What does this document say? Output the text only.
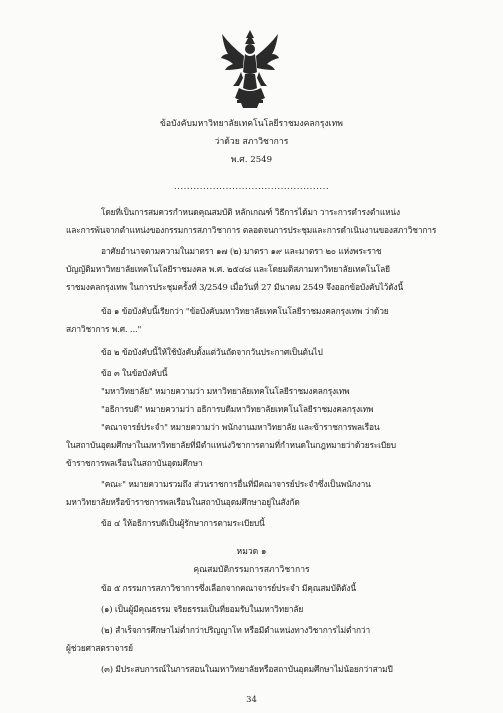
ข้อบังคับมหาวิทยาลัยเทคโนโลยีราชมงคลกรุงเทพ
ว่าด้วย สภาวิชาการ
พ.ศ. 2549
................................................
โดยที่เป็นการสมควรกำหนดคุณสมบัติ หลักเกณฑ์ วิธีการได้มา วาระการดำรงตำแหน่ง
และการพ้นจากตำแหน่งของกรรมการสภาวิชาการ ตลอดจนการประชุมและการดำเนินงานของสภาวิชาการ
อาศัยอำนาจตามความในมาตรา ๑๗ (๒) มาตรา ๑๙ และมาตรา ๒๐ แห่งพระราช
บัญญัติมหาวิทยาลัยเทคโนโลยีราชมงคล พ.ศ. ๒๕๔๘ และโดยมติสภามหาวิทยาลัยเทคโนโลยี
ราชมงคลกรุงเทพ ในการประชุมครั้งที่ 3/2549 เมื่อวันที่ 27 มีนาคม 2549 จึงออกข้อบังคับไว้ดังนี้
ข้อ ๑ ข้อบังคับนี้เรียกว่า "ข้อบังคับมหาวิทยาลัยเทคโนโลยีราชมงคลกรุงเทพ ว่าด้วย
สภาวิชาการ พ.ศ. ..."
ข้อ ๒ ข้อบังคับนี้ให้ใช้บังคับตั้งแต่วันถัดจากวันประกาศเป็นต้นไป
ข้อ ๓ ในข้อบังคับนี้
"มหาวิทยาลัย" หมายความว่า มหาวิทยาลัยเทคโนโลยีราชมงคลกรุงเทพ
"อธิการบดี" หมายความว่า อธิการบดีมหาวิทยาลัยเทคโนโลยีราชมงคลกรุงเทพ
"คณาจารย์ประจำ" หมายความว่า พนักงานมหาวิทยาลัย และข้าราชการพลเรือน
ในสถาบันอุดมศึกษาในมหาวิทยาลัยที่มีตำแหน่งวิชาการตามที่กำหนดในกฎหมายว่าด้วยระเบียบ
ข้าราชการพลเรือนในสถาบันอุดมศึกษา
"คณะ" หมายความรวมถึง ส่วนราชการอื่นที่มีคณาจารย์ประจำซึ่งเป็นพนักงาน
มหาวิทยาลัยหรือข้าราชการพลเรือนในสถาบันอุดมศึกษาอยู่ในสังกัด
ข้อ ๔ ให้อธิการบดีเป็นผู้รักษาการตามระเบียบนี้
หมวด ๑
คุณสมบัติกรรมการสภาวิชาการ
ข้อ ๕ กรรมการสภาวิชาการซึ่งเลือกจากคณาจารย์ประจำ มีคุณสมบัติดังนี้
(๑) เป็นผู้มีคุณธรรม จริยธรรมเป็นที่ยอมรับในมหาวิทยาลัย
(๒) สำเร็จการศึกษาไม่ต่ำกว่าปริญญาโท หรือมีตำแหน่งทางวิชาการไม่ต่ำกว่า
ผู้ช่วยศาสตราจารย์
(๓) มีประสบการณ์ในการสอนในมหาวิทยาลัยหรือสถาบันอุดมศึกษาไม่น้อยกว่าสามปี
34
